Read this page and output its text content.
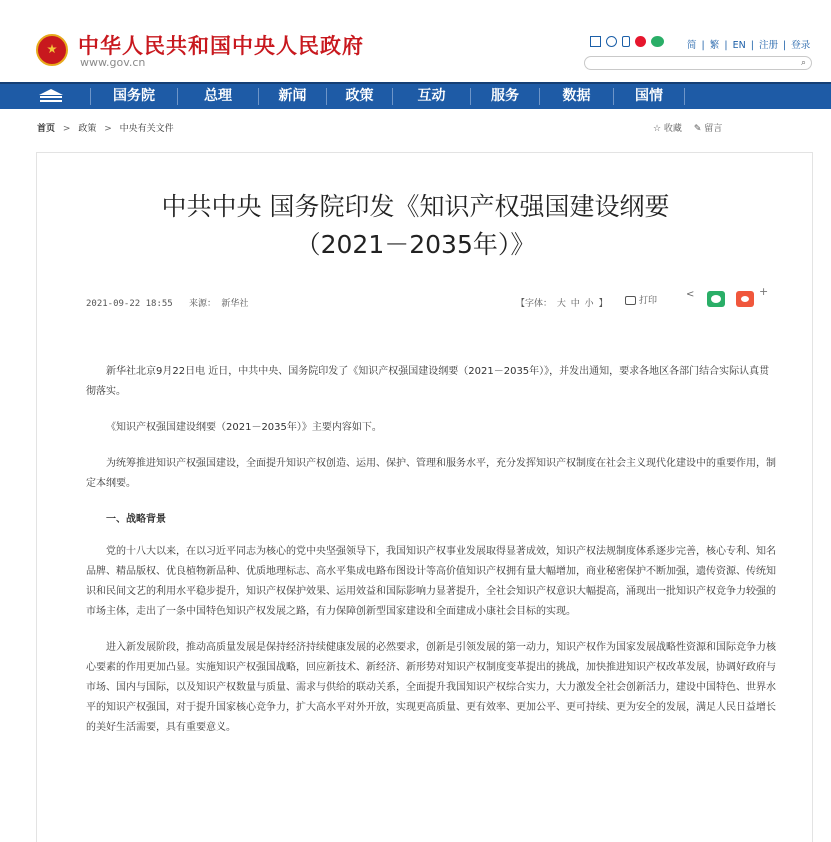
中华人民共和国中央人民政府
www.gov.cn
简 | 繁 | EN | 注册 | 登录
⌕
国务院	总理	新闻	政策	互动	服务	数据	国情
首页 > 政策 > 中央有关文件	☆ 收藏 ✎ 留言
中共中央 国务院印发《知识产权强国建设纲要
（2021－2035年）》
2021-09-22 18:55 来源： 新华社	【字体： 大 中 小 】	打印
<	+

新华社北京9月22日电 近日，中共中央、国务院印发了《知识产权强国建设纲要（2021－2035年）》，并发出通知，要求各地区各部门结合实际认真贯彻落实。

《知识产权强国建设纲要（2021－2035年）》主要内容如下。

为统筹推进知识产权强国建设，全面提升知识产权创造、运用、保护、管理和服务水平，充分发挥知识产权制度在社会主义现代化建设中的重要作用，制定本纲要。

一、战略背景

党的十八大以来，在以习近平同志为核心的党中央坚强领导下，我国知识产权事业发展取得显著成效，知识产权法规制度体系逐步完善，核心专利、知名品牌、精品版权、优良植物新品种、优质地理标志、高水平集成电路布图设计等高价值知识产权拥有量大幅增加，商业秘密保护不断加强，遗传资源、传统知识和民间文艺的利用水平稳步提升，知识产权保护效果、运用效益和国际影响力显著提升，全社会知识产权意识大幅提高，涌现出一批知识产权竞争力较强的市场主体，走出了一条中国特色知识产权发展之路，有力保障创新型国家建设和全面建成小康社会目标的实现。

进入新发展阶段，推动高质量发展是保持经济持续健康发展的必然要求，创新是引领发展的第一动力，知识产权作为国家发展战略性资源和国际竞争力核心要素的作用更加凸显。实施知识产权强国战略，回应新技术、新经济、新形势对知识产权制度变革提出的挑战，加快推进知识产权改革发展，协调好政府与市场、国内与国际，以及知识产权数量与质量、需求与供给的联动关系，全面提升我国知识产权综合实力，大力激发全社会创新活力，建设中国特色、世界水平的知识产权强国，对于提升国家核心竞争力，扩大高水平对外开放，实现更高质量、更有效率、更加公平、更可持续、更为安全的发展，满足人民日益增长的美好生活需要，具有重要意义。
